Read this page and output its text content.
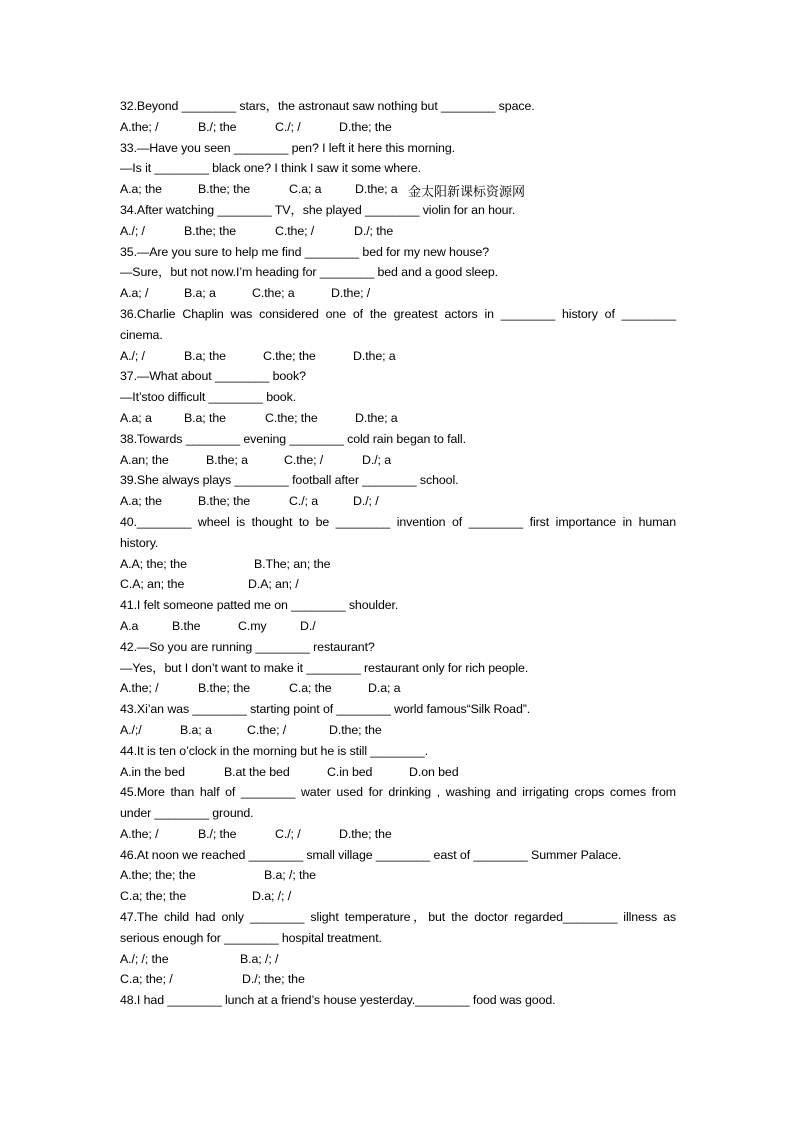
32.Beyond ________ stars，the astronaut saw nothing but ________ space.
A.the; /	B./; the	C./; /	D.the; the
33.—Have you seen ________ pen? I left it here this morning.
—Is it ________ black one? I think I saw it some where.
A.a; the	B.the; the	C.a; a	D.the; a
34.After watching ________ TV，she played ________ violin for an hour.
A./; /	B.the; the	C.the; /	D./; the
35.—Are you sure to help me find ________ bed for my new house?
—Sure，but not now.I’m heading for ________ bed and a good sleep.
A.a; /	B.a; a	C.the; a	D.the; /
36.Charlie Chaplin was considered one of the greatest actors in ________ history of ________
cinema.
A./; /	B.a; the	C.the; the	D.the; a
37.—What about ________ book?
—It’stoo difficult ________ book.
A.a; a	B.a; the	C.the; the	D.the; a
38.Towards ________ evening ________ cold rain began to fall.
A.an; the	B.the; a	C.the; /	D./; a
39.She always plays ________ football after ________ school.
A.a; the	B.the; the	C./; a	D./; /
40.________ wheel is thought to be ________ invention of ________ first importance in human
history.
A.A; the; the	B.The; an; the
C.A; an; the	D.A; an; /
41.I felt someone patted me on ________ shoulder.
A.a	B.the	C.my	D./
42.—So you are running ________ restaurant?
—Yes，but I don’t want to make it ________ restaurant only for rich people.
A.the; /	B.the; the	C.a; the	D.a; a
43.Xi’an was ________ starting point of ________ world famous“Silk Road”.
A./;/	B.a; a	C.the; /	D.the; the
44.It is ten o’clock in the morning but he is still ________.
A.in the bed	B.at the bed	C.in bed	D.on bed
45.More than half of ________ water used for drinking , washing and irrigating crops comes from
under ________ ground.
A.the; /	B./; the	C./; /	D.the; the
46.At noon we reached ________ small village ________ east of ________ Summer Palace.
A.the; the; the	B.a; /; the
C.a; the; the	D.a; /; /
47.The child had only ________ slight temperature，but the doctor regarded________ illness as
serious enough for ________ hospital treatment.
A./; /; the	B.a; /; /
C.a; the; /	D./; the; the
48.I had ________ lunch at a friend’s house yesterday.________ food was good.
金太阳新课标资源网
